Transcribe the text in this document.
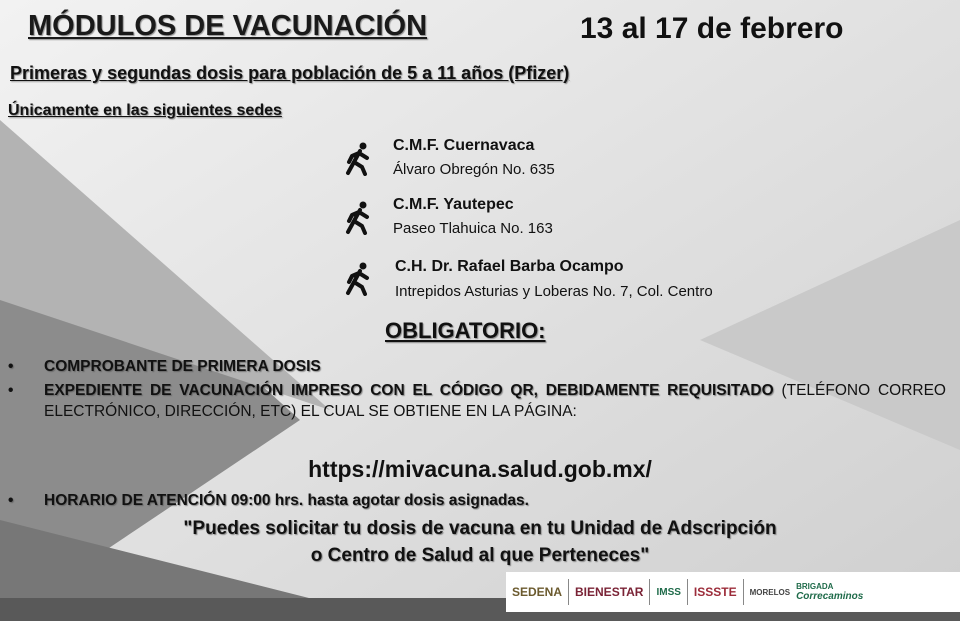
MÓDULOS DE VACUNACIÓN	13 al 17 de febrero
Primeras y segundas dosis para población de 5 a 11 años (Pfizer)
Únicamente en las siguientes sedes
C.M.F. Cuernavaca
Álvaro Obregón No. 635
C.M.F. Yautepec
Paseo Tlahuica No. 163
C.H. Dr. Rafael Barba Ocampo
Intrepidos Asturias y Loberas No. 7, Col. Centro
OBLIGATORIO:
• COMPROBANTE DE PRIMERA DOSIS
• EXPEDIENTE DE VACUNACIÓN IMPRESO CON EL CÓDIGO QR, DEBIDAMENTE REQUISITADO (TELÉFONO CORREO ELECTRÓNICO, DIRECCIÓN, ETC) EL CUAL SE OBTIENE EN LA PÁGINA:
https://mivacuna.salud.gob.mx/
• HORARIO DE ATENCIÓN 09:00 hrs. hasta agotar dosis asignadas.
"Puedes solicitar tu dosis de vacuna en tu Unidad de Adscripción
o Centro de Salud al que Perteneces"
SEDENA BIENESTAR IMSS ISSSTE MORELOS
BRIGADA
Correcaminos
